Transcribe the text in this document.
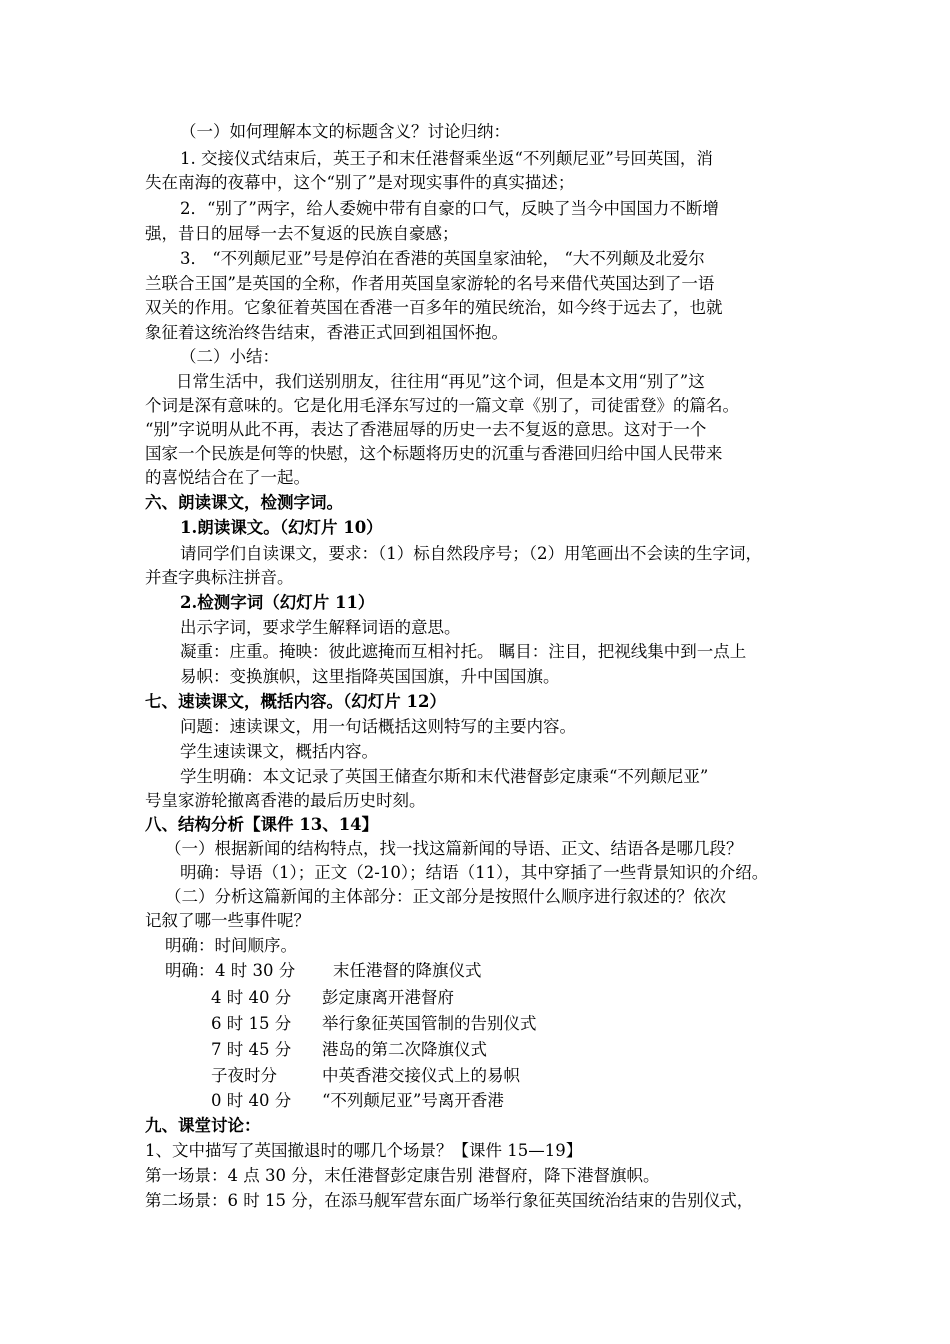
（一）如何理解本文的标题含义？讨论归纳：
1. 交接仪式结束后，英王子和末任港督乘坐返“不列颠尼亚”号回英国，消
失在南海的夜幕中，这个“别了”是对现实事件的真实描述；
2．“别了”两字，给人委婉中带有自豪的口气，反映了当今中国国力不断增
强，昔日的屈辱一去不复返的民族自豪感；
3． “不列颠尼亚”号是停泊在香港的英国皇家油轮， “大不列颠及北爱尔
兰联合王国”是英国的全称，作者用英国皇家游轮的名号来借代英国达到了一语
双关的作用。它象征着英国在香港一百多年的殖民统治，如今终于远去了，也就
象征着这统治终告结束，香港正式回到祖国怀抱。
（二）小结：
日常生活中，我们送别朋友，往往用“再见”这个词，但是本文用“别了”这
个词是深有意味的。它是化用毛泽东写过的一篇文章《别了，司徒雷登》的篇名。
“别”字说明从此不再，表达了香港屈辱的历史一去不复返的意思。这对于一个
国家一个民族是何等的快慰，这个标题将历史的沉重与香港回归给中国人民带来
的喜悦结合在了一起。
六、朗读课文，检测字词。
1.朗读课文。（幻灯片 10）
请同学们自读课文，要求：（1）标自然段序号；（2）用笔画出不会读的生字词，
并查字典标注拼音。
2.检测字词（幻灯片 11）
出示字词，要求学生解释词语的意思。
凝重：庄重。掩映：彼此遮掩而互相衬托。 瞩目：注目，把视线集中到一点上
易帜：变换旗帜，这里指降英国国旗，升中国国旗。
七、速读课文，概括内容。（幻灯片 12）
问题：速读课文，用一句话概括这则特写的主要内容。
学生速读课文，概括内容。
学生明确：本文记录了英国王储查尔斯和末代港督彭定康乘“不列颠尼亚”
号皇家游轮撤离香港的最后历史时刻。
八、结构分析【课件 13、14】
（一）根据新闻的结构特点，找一找这篇新闻的导语、正文、结语各是哪几段？
明确：导语（1）；正文（2-10）；结语（11），其中穿插了一些背景知识的介绍。
（二）分析这篇新闻的主体部分：正文部分是按照什么顺序进行叙述的？依次
记叙了哪一些事件呢？
明确：时间顺序。
明确： 4 时 30 分 末任港督的降旗仪式
4 时 40 分 彭定康离开港督府
6 时 15 分 举行象征英国管制的告别仪式
7 时 45 分 港岛的第二次降旗仪式
子夜时分	中英香港交接仪式上的易帜
0 时 40 分 “不列颠尼亚”号离开香港
九、课堂讨论：
1、文中描写了英国撤退时的哪几个场景？【课件 15—19】
第一场景：4 点 30 分，末任港督彭定康告别 港督府，降下港督旗帜。
第二场景：6 时 15 分，在添马舰军营东面广场举行象征英国统治结束的告别仪式，
